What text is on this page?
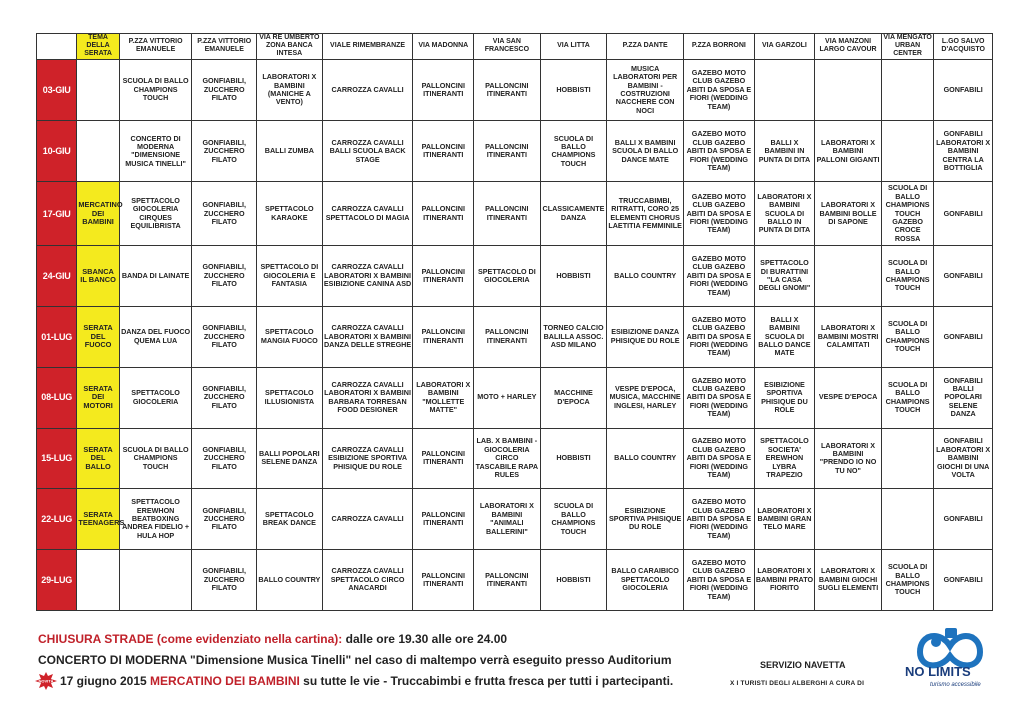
	TEMA DELLA SERATA	P.ZZA VITTORIO EMANUELE	P.ZZA VITTORIO EMANUELE	VIA RE UMBERTO ZONA BANCA INTESA	VIALE RIMEMBRANZE	VIA MADONNA	VIA SAN FRANCESCO	VIA LITTA	P.ZZA DANTE	P.ZZA BORRONI	VIA GARZOLI	VIA MANZONI LARGO CAVOUR	VIA MENGATO URBAN CENTER	L.GO SALVO D'ACQUISTO
03-GIU		SCUOLA DI BALLO CHAMPIONS TOUCH	GONFIABILI, ZUCCHERO FILATO	LABORATORI X BAMBINI (MANICHE A VENTO)	CARROZZA CAVALLI	PALLONCINI ITINERANTI	PALLONCINI ITINERANTI	HOBBISTI	MUSICA LABORATORI PER BAMBINI - COSTRUZIONI NACCHERE CON NOCI	GAZEBO MOTO CLUB GAZEBO ABITI DA SPOSA E FIORI (WEDDING TEAM)				GONFABILI
10-GIU		CONCERTO DI MODERNA "DIMENSIONE MUSICA TINELLI"	GONFIABILI, ZUCCHERO FILATO	BALLI ZUMBA	CARROZZA CAVALLI BALLI SCUOLA BACK STAGE	PALLONCINI ITINERANTI	PALLONCINI ITINERANTI	SCUOLA DI BALLO CHAMPIONS TOUCH	BALLI X BAMBINI SCUOLA DI BALLO DANCE MATE	GAZEBO MOTO CLUB GAZEBO ABITI DA SPOSA E FIORI (WEDDING TEAM)	BALLI X BAMBINI IN PUNTA DI DITA	LABORATORI X BAMBINI PALLONI GIGANTI		GONFABILI LABORATORI X BAMBINI CENTRA LA BOTTIGLIA
17-GIU	MERCATINO DEI BAMBINI	SPETTACOLO GIOCOLERIA CIRQUES EQUILIBRISTA	GONFIABILI, ZUCCHERO FILATO	SPETTACOLO KARAOKE	CARROZZA CAVALLI SPETTACOLO DI MAGIA	PALLONCINI ITINERANTI	PALLONCINI ITINERANTI	CLASSICAMENTE DANZA	TRUCCABIMBI, RITRATTI, CORO 25 ELEMENTI CHORUS LAETITIA FEMMINILE	GAZEBO MOTO CLUB GAZEBO ABITI DA SPOSA E FIORI (WEDDING TEAM)	LABORATORI X BAMBINI SCUOLA DI BALLO IN PUNTA DI DITA	LABORATORI X BAMBINI BOLLE DI SAPONE	SCUOLA DI BALLO CHAMPIONS TOUCH GAZEBO CROCE ROSSA	GONFABILI
24-GIU	SBANCA IL BANCO	BANDA DI LAINATE	GONFIABILI, ZUCCHERO FILATO	SPETTACOLO DI GIOCOLERIA E FANTASIA	CARROZZA CAVALLI LABORATORI X BAMBINI ESIBIZIONE CANINA ASD	PALLONCINI ITINERANTI	SPETTACOLO DI GIOCOLERIA	HOBBISTI	BALLO COUNTRY	GAZEBO MOTO CLUB GAZEBO ABITI DA SPOSA E FIORI (WEDDING TEAM)	SPETTACOLO DI BURATTINI "LA CASA DEGLI GNOMI"		SCUOLA DI BALLO CHAMPIONS TOUCH	GONFABILI
01-LUG	SERATA DEL FUOCO	DANZA DEL FUOCO QUEMA LUA	GONFIABILI, ZUCCHERO FILATO	SPETTACOLO MANGIA FUOCO	CARROZZA CAVALLI LABORATORI X BAMBINI DANZA DELLE STREGHE	PALLONCINI ITINERANTI	PALLONCINI ITINERANTI	TORNEO CALCIO BALILLA ASSOC. ASD MILANO	ESIBIZIONE DANZA PHISIQUE DU ROLE	GAZEBO MOTO CLUB GAZEBO ABITI DA SPOSA E FIORI (WEDDING TEAM)	BALLI X BAMBINI SCUOLA DI BALLO DANCE MATE	LABORATORI X BAMBINI MOSTRI CALAMITATI	SCUOLA DI BALLO CHAMPIONS TOUCH	GONFABILI
08-LUG	SERATA DEI MOTORI	SPETTACOLO GIOCOLERIA	GONFIABILI, ZUCCHERO FILATO	SPETTACOLO ILLUSIONISTA	CARROZZA CAVALLI LABORATORI X BAMBINI BARBARA TORRESAN FOOD DESIGNER	LABORATORI X BAMBINI "MOLLETTE MATTE"	MOTO + HARLEY	MACCHINE D'EPOCA	VESPE D'EPOCA, MUSICA, MACCHINE INGLESI, HARLEY	GAZEBO MOTO CLUB GAZEBO ABITI DA SPOSA E FIORI (WEDDING TEAM)	ESIBIZIONE SPORTIVA PHISIQUE DU ROLE	VESPE D'EPOCA	SCUOLA DI BALLO CHAMPIONS TOUCH	GONFABILI BALLI POPOLARI SELENE DANZA
15-LUG	SERATA DEL BALLO	SCUOLA DI BALLO CHAMPIONS TOUCH	GONFIABILI, ZUCCHERO FILATO	BALLI POPOLARI SELENE DANZA	CARROZZA CAVALLI ESIBIZIONE SPORTIVA PHISIQUE DU ROLE	PALLONCINI ITINERANTI	LAB. X BAMBINI - GIOCOLERIA CIRCO TASCABILE RAPA RULES	HOBBISTI	BALLO COUNTRY	GAZEBO MOTO CLUB GAZEBO ABITI DA SPOSA E FIORI (WEDDING TEAM)	SPETTACOLO SOCIETA' EREWHON LYBRA TRAPEZIO	LABORATORI X BAMBINI "PRENDO IO NO TU NO"		GONFABILI LABORATORI X BAMBINI GIOCHI DI UNA VOLTA
22-LUG	SERATA TEENAGERS	SPETTACOLO EREWHON BEATBOXING ANDREA FIDELIO + HULA HOP	GONFIABILI, ZUCCHERO FILATO	SPETTACOLO BREAK DANCE	CARROZZA CAVALLI	PALLONCINI ITINERANTI	LABORATORI X BAMBINI "ANIMALI BALLERINI"	SCUOLA DI BALLO CHAMPIONS TOUCH	ESIBIZIONE SPORTIVA PHISIQUE DU ROLE	GAZEBO MOTO CLUB GAZEBO ABITI DA SPOSA E FIORI (WEDDING TEAM)	LABORATORI X BAMBINI GRAN TELO MARE			GONFABILI
29-LUG			GONFIABILI, ZUCCHERO FILATO	BALLO COUNTRY	CARROZZA CAVALLI SPETTACOLO CIRCO ANACARDI	PALLONCINI ITINERANTI	PALLONCINI ITINERANTI	HOBBISTI	BALLO CARAIBICO SPETTACOLO GIOCOLERIA	GAZEBO MOTO CLUB GAZEBO ABITI DA SPOSA E FIORI (WEDDING TEAM)	LABORATORI X BAMBINI PRATO FIORITO	LABORATORI X BAMBINI GIOCHI SUGLI ELEMENTI	SCUOLA DI BALLO CHAMPIONS TOUCH	GONFABILI
CHIUSURA STRADE (come evidenziato nella cartina): dalle ore 19.30 alle ore 24.00
CONCERTO DI MODERNA "Dimensione Musica Tinelli" nel caso di maltempo verrà eseguito presso Auditorium
NOVITÀ 17 giugno 2015 MERCATINO DEI BAMBINI su tutte le vie - Truccabimbi e frutta fresca per tutti i partecipanti.
SERVIZIO NAVETTA
X I TURISTI DEGLI ALBERGHI A CURA DI
NO LIMITS
turismo accessibile
